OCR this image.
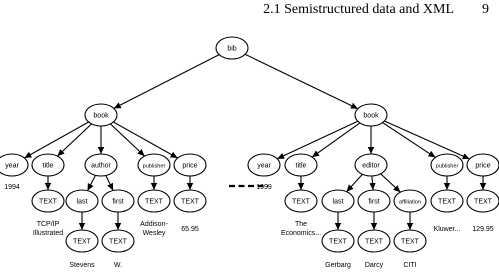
2.1 Semistructured data and XML 9
bib
book	book
year	title	author	publisher price
TEXT	last	first	TEXT	TEXT
TEXT	TEXT
year	title	editor	publisher price
TEXT	last	first	affiliation TEXT	TEXT
TEXT	TEXT	TEXT
1994
TCP/IP
Illustrated
Addison-
Wesley
65.95
Stevens	W.
1999
The
Economics...
Kluwer... 129.95
Gerbarg Darcy	CITI
